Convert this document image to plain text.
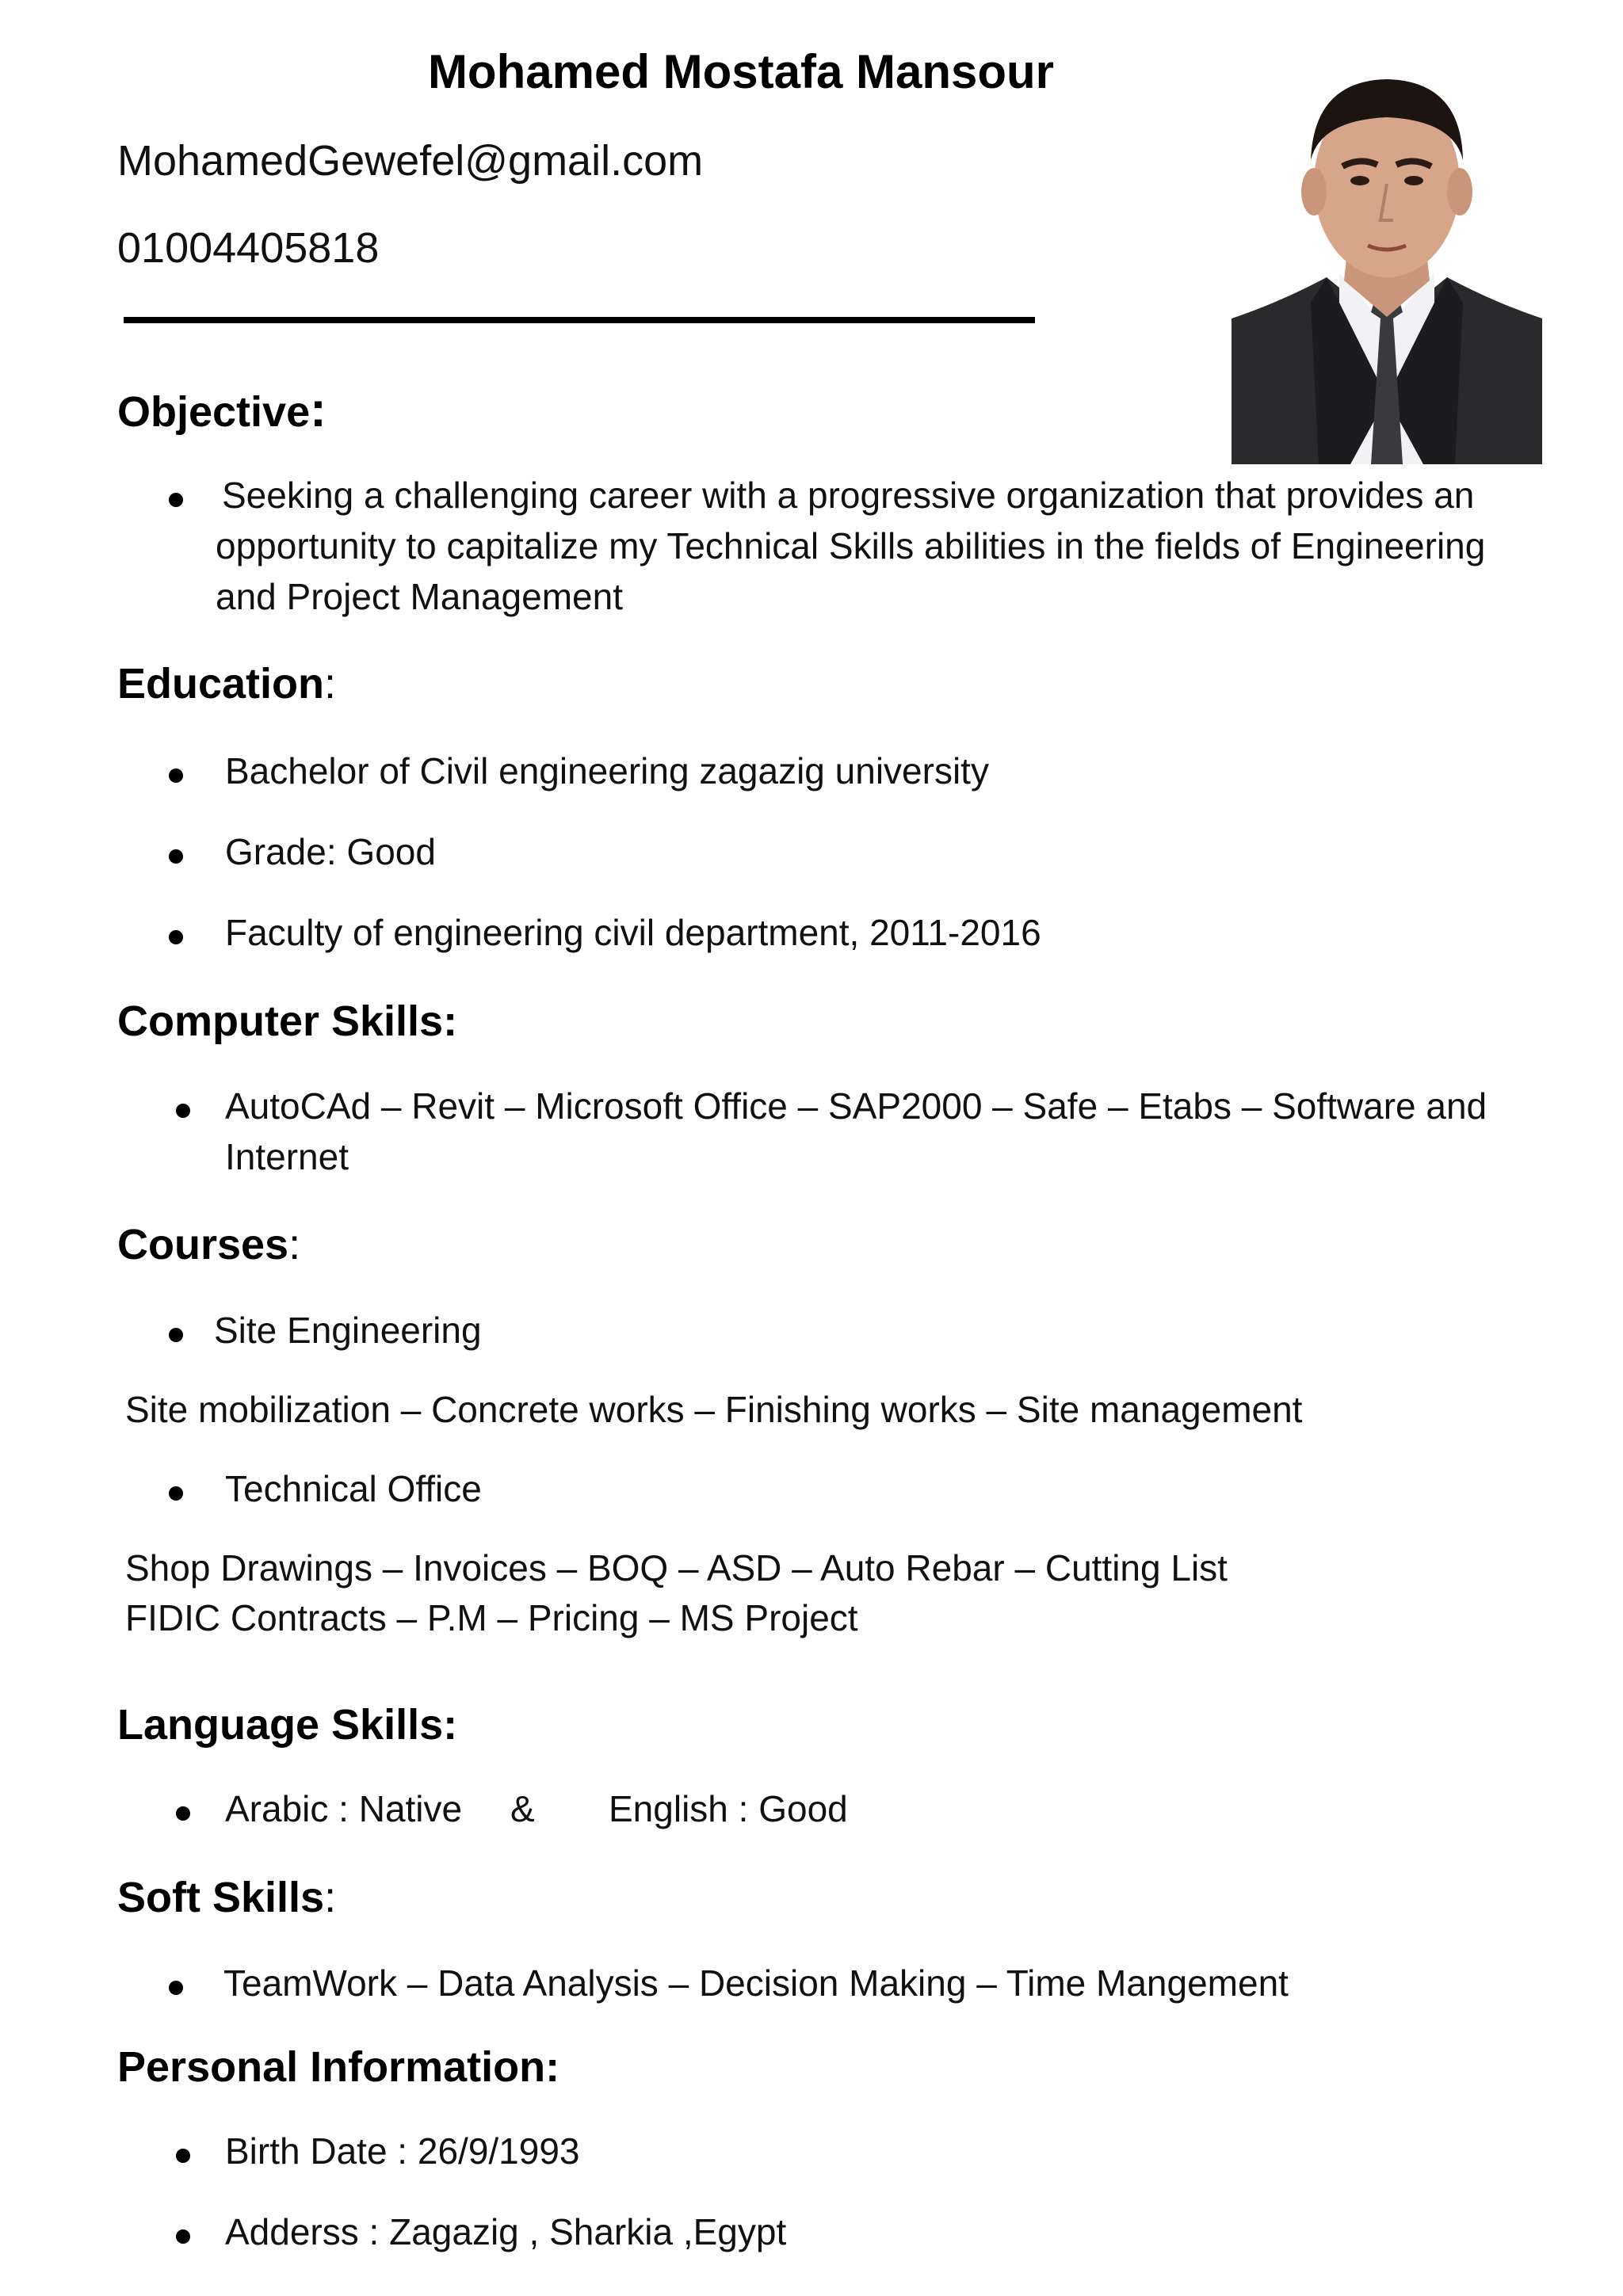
Mohamed Mostafa Mansour
MohamedGewefel@gmail.com
01004405818
Objective:
Seeking a challenging career with a progressive organization that provides an
opportunity to capitalize my Technical Skills abilities in the fields of Engineering
and Project Management
Education:
Bachelor of Civil engineering zagazig university
Grade: Good
Faculty of engineering civil department, 2011-2016
Computer Skills:
AutoCAd – Revit – Microsoft Office – SAP2000 – Safe – Etabs – Software and
Internet
Courses:
Site Engineering
Site mobilization – Concrete works – Finishing works – Site management
Technical Office
Shop Drawings – Invoices – BOQ – ASD – Auto Rebar – Cutting List
FIDIC Contracts – P.M – Pricing – MS Project
Language Skills:
Arabic : Native & English : Good
Soft Skills:
TeamWork – Data Analysis – Decision Making – Time Mangement
Personal Information:
Birth Date : 26/9/1993
Adderss : Zagazig , Sharkia ,Egypt
